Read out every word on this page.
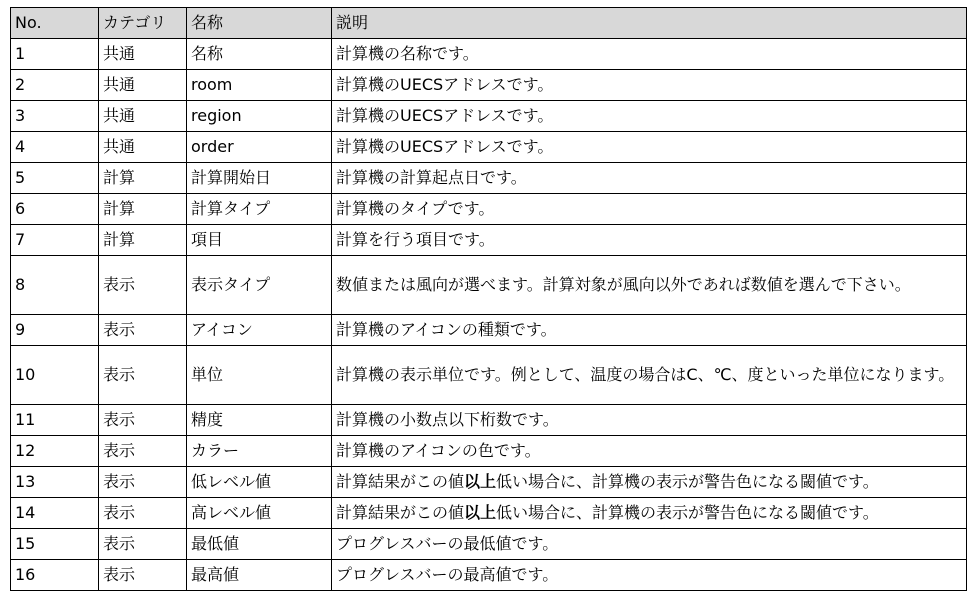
No.	カテゴリ	名称	説明
1	共通	名称	計算機の名称です。
2	共通	room	計算機のUECSアドレスです。
3	共通	region	計算機のUECSアドレスです。
4	共通	order	計算機のUECSアドレスです。
5	計算	計算開始日	計算機の計算起点日です。
6	計算	計算タイプ	計算機のタイプです。
7	計算	項目	計算を行う項目です。
8	表示	表示タイプ	数値または風向が選べます。計算対象が風向以外であれば数値を選んで下さい。
9	表示	アイコン	計算機のアイコンの種類です。
10	表示	単位	計算機の表示単位です。例として、温度の場合はC、℃、度といった単位になります。
11	表示	精度	計算機の小数点以下桁数です。
12	表示	カラー	計算機のアイコンの色です。
13	表示	低レベル値	計算結果がこの値以上低い場合に、計算機の表示が警告色になる閾値です。
14	表示	高レベル値	計算結果がこの値以上低い場合に、計算機の表示が警告色になる閾値です。
15	表示	最低値	プログレスバーの最低値です。
16	表示	最高値	プログレスバーの最高値です。
